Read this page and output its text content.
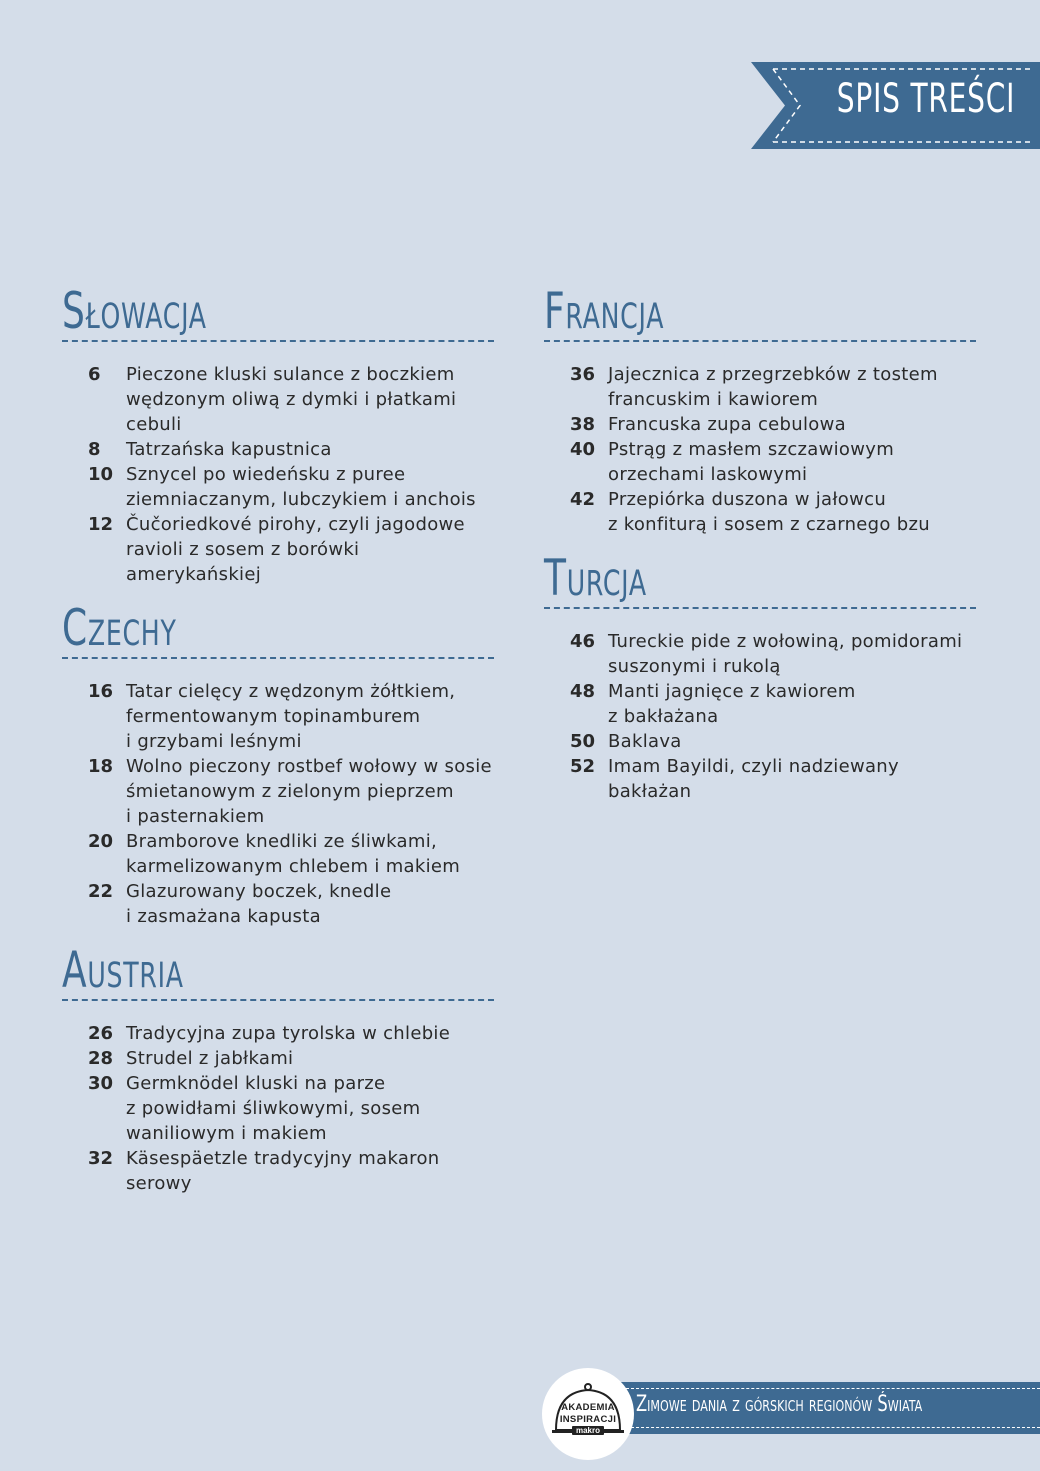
SPIS TREŚCI
Słowacja
6	Pieczone kluski sulance z boczkiem
wędzonym oliwą z dymki i płatkami
cebuli
8	Tatrzańska kapustnica
10 Sznycel po wiedeńsku z puree
ziemniaczanym, lubczykiem i anchois
12 Čučoriedkové pirohy, czyli jagodowe
ravioli z sosem z borówki
amerykańskiej
Czechy
16 Tatar cielęcy z wędzonym żółtkiem,
fermentowanym topinamburem
i grzybami leśnymi
18 Wolno pieczony rostbef wołowy w sosie
śmietanowym z zielonym pieprzem
i pasternakiem
20 Bramborove knedliki ze śliwkami,
karmelizowanym chlebem i makiem
22 Glazurowany boczek, knedle
i zasmażana kapusta
Austria
26 Tradycyjna zupa tyrolska w chlebie
28 Strudel z jabłkami
30 Germknödel kluski na parze
z powidłami śliwkowymi, sosem
waniliowym i makiem
32 Käsespäetzle tradycyjny makaron
serowy
Francja
36 Jajecznica z przegrzebków z tostem
francuskim i kawiorem
38 Francuska zupa cebulowa
40 Pstrąg z masłem szczawiowym
orzechami laskowymi
42 Przepiórka duszona w jałowcu
z konfiturą i sosem z czarnego bzu
Turcja
46 Tureckie pide z wołowiną, pomidorami
suszonymi i rukolą
48 Manti jagnięce z kawiorem
z bakłażana
50 Baklava
52 Imam Bayildi, czyli nadziewany
bakłażan
Zimowe dania z górskich regionów Świata
AKADEMIA
INSPIRACJI
makro
